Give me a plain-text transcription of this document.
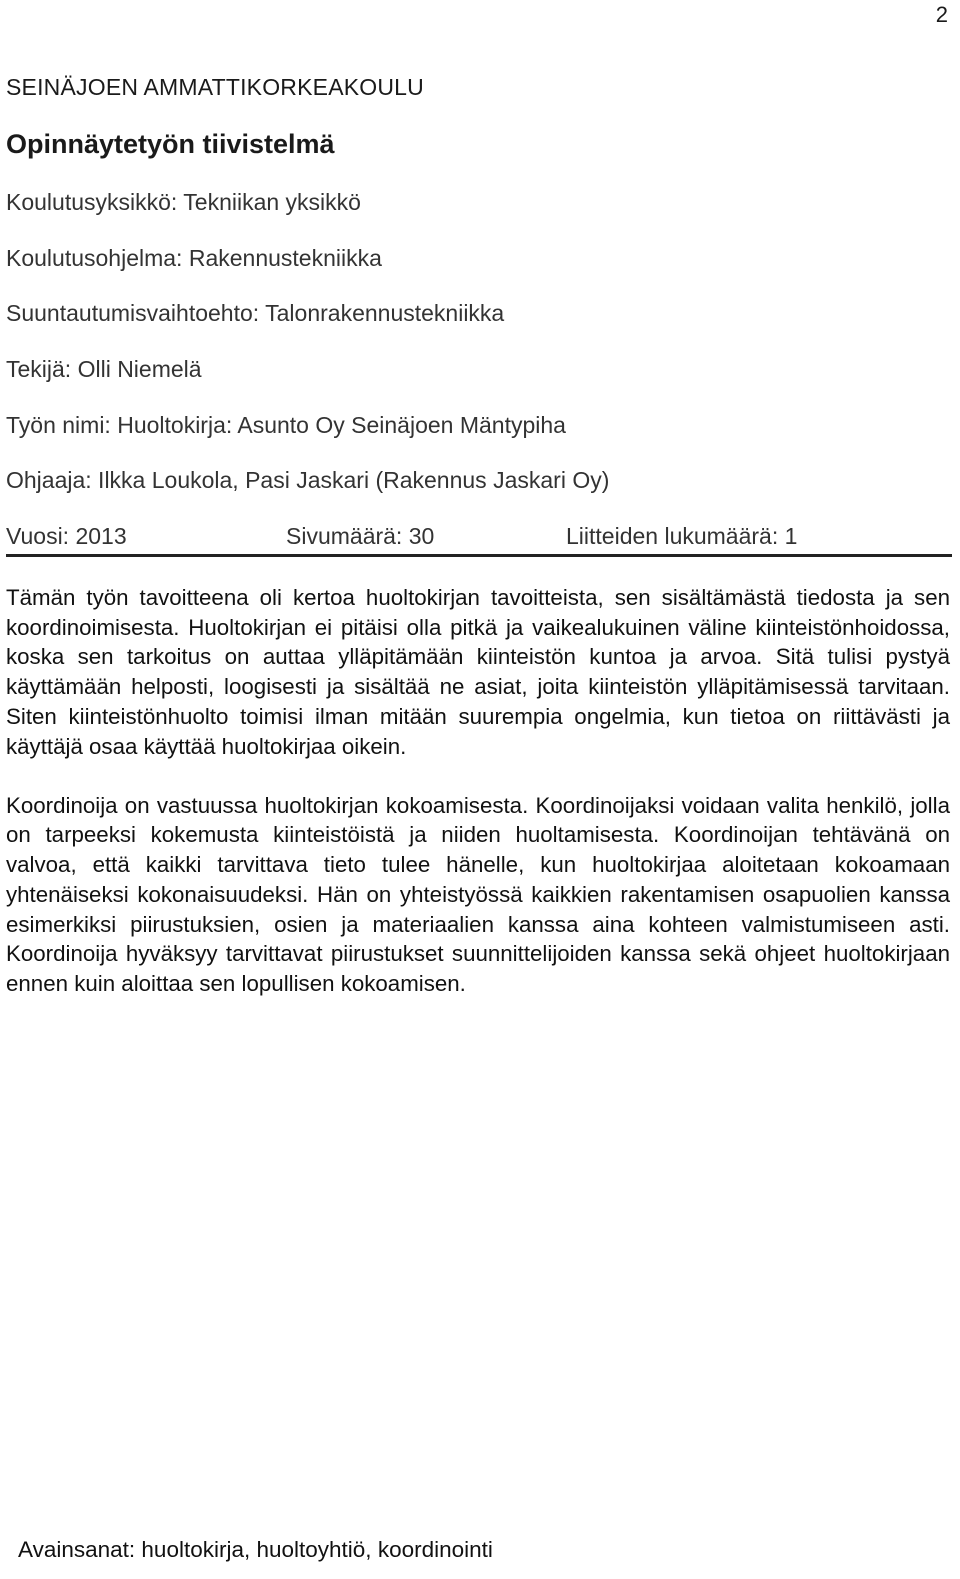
2
SEINÄJOEN AMMATTIKORKEAKOULU
Opinnäytetyön tiivistelmä
Koulutusyksikkö: Tekniikan yksikkö
Koulutusohjelma: Rakennustekniikka
Suuntautumisvaihtoehto: Talonrakennustekniikka
Tekijä: Olli Niemelä
Työn nimi: Huoltokirja: Asunto Oy Seinäjoen Mäntypiha
Ohjaaja: Ilkka Loukola, Pasi Jaskari (Rakennus Jaskari Oy)
Vuosi: 2013	Sivumäärä: 30	Liitteiden lukumäärä: 1

Tämän työn tavoitteena oli kertoa huoltokirjan tavoitteista, sen sisältämästä tiedosta ja sen koordinoimisesta. Huoltokirjan ei pitäisi olla pitkä ja vaikealukuinen väline kiinteistönhoidossa, koska sen tarkoitus on auttaa ylläpitämään kiinteistön kuntoa ja arvoa. Sitä tulisi pystyä käyttämään helposti, loogisesti ja sisältää ne asiat, joita kiinteistön ylläpitämisessä tarvitaan. Siten kiinteistönhuolto toimisi ilman mitään suurempia ongelmia, kun tietoa on riittävästi ja käyttäjä osaa käyttää huoltokirjaa oikein.

Koordinoija on vastuussa huoltokirjan kokoamisesta. Koordinoijaksi voidaan valita henkilö, jolla on tarpeeksi kokemusta kiinteistöistä ja niiden huoltamisesta. Koordinoijan tehtävänä on valvoa, että kaikki tarvittava tieto tulee hänelle, kun huoltokirjaa aloitetaan kokoamaan yhtenäiseksi kokonaisuudeksi. Hän on yhteistyössä kaikkien rakentamisen osapuolien kanssa esimerkiksi piirustuksien, osien ja materiaalien kanssa aina kohteen valmistumiseen asti. Koordinoija hyväksyy tarvittavat piirustukset suunnittelijoiden kanssa sekä ohjeet huoltokirjaan ennen kuin aloittaa sen lopullisen kokoamisen.

Avainsanat: huoltokirja, huoltoyhtiö, koordinointi
